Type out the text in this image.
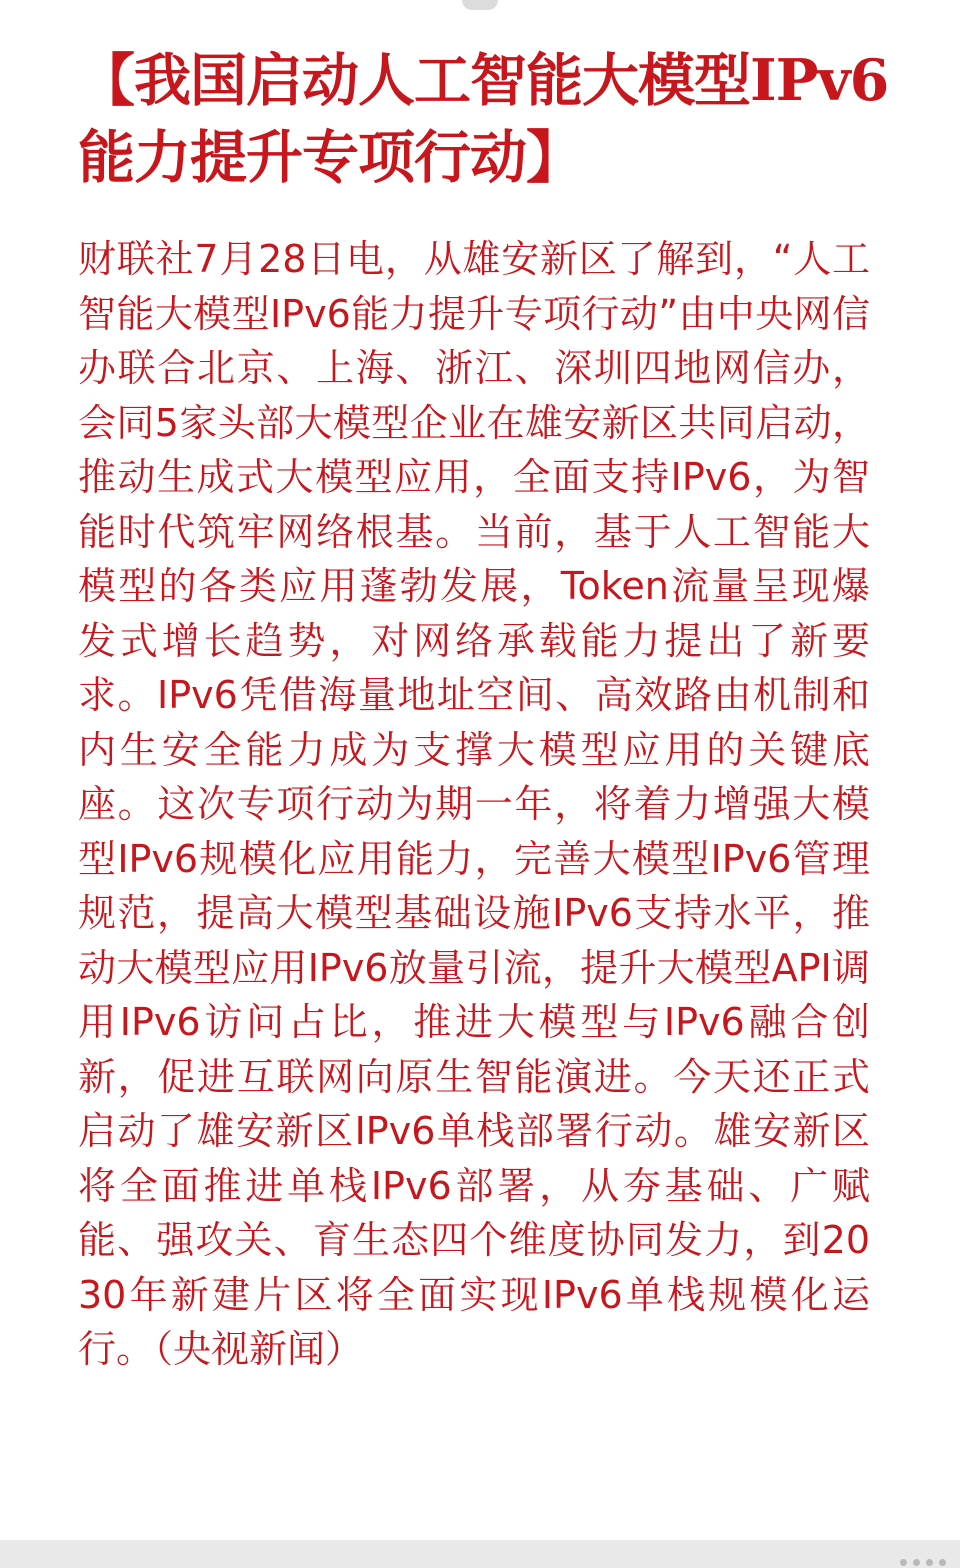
【我国启动人工智能大模型IPv6能力提升专项行动】

财联社7月28日电，从雄安新区了解到，“人工智能大模型IPv6能力提升专项行动”由中央网信办联合北京、上海、浙江、深圳四地网信办，会同5家头部大模型企业在雄安新区共同启动，推动生成式大模型应用，全面支持IPv6，为智能时代筑牢网络根基。当前，基于人工智能大模型的各类应用蓬勃发展，Token流量呈现爆发式增长趋势，对网络承载能力提出了新要求。IPv6凭借海量地址空间、高效路由机制和内生安全能力成为支撑大模型应用的关键底座。这次专项行动为期一年，将着力增强大模型IPv6规模化应用能力，完善大模型IPv6管理规范，提高大模型基础设施IPv6支持水平，推动大模型应用IPv6放量引流，提升大模型API调用IPv6访问占比，推进大模型与IPv6融合创新，促进互联网向原生智能演进。今天还正式启动了雄安新区IPv6单栈部署行动。雄安新区将全面推进单栈IPv6部署，从夯基础、广赋能、强攻关、育生态四个维度协同发力，到2030年新建片区将全面实现IPv6单栈规模化运行。（央视新闻）
